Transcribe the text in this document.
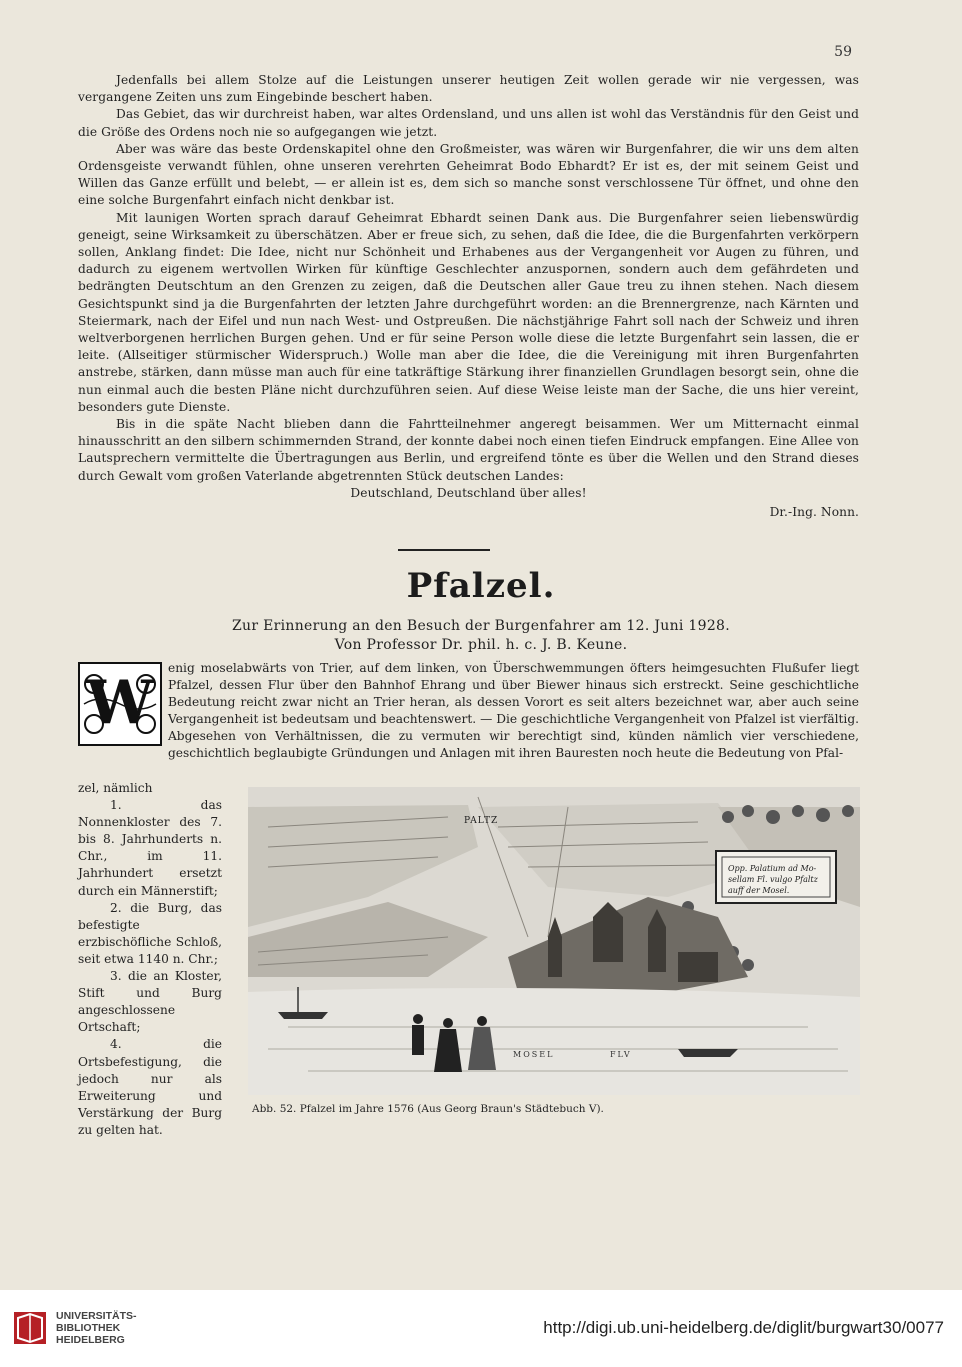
59

Jedenfalls bei allem Stolze auf die Leistungen unserer heutigen Zeit wollen gerade wir nie vergessen, was vergangene Zeiten uns zum Eingebinde beschert haben.

Das Gebiet, das wir durchreist haben, war altes Ordensland, und uns allen ist wohl das Verständnis für den Geist und die Größe des Ordens noch nie so aufgegangen wie jetzt.

Aber was wäre das beste Ordenskapitel ohne den Großmeister, was wären wir Burgenfahrer, die wir uns dem alten Ordensgeiste verwandt fühlen, ohne unseren verehrten Geheimrat Bodo Ebhardt? Er ist es, der mit seinem Geist und Willen das Ganze erfüllt und belebt, — er allein ist es, dem sich so manche sonst verschlossene Tür öffnet, und ohne den eine solche Burgenfahrt einfach nicht denkbar ist.

Mit launigen Worten sprach darauf Geheimrat Ebhardt seinen Dank aus. Die Burgenfahrer seien liebenswürdig geneigt, seine Wirksamkeit zu überschätzen. Aber er freue sich, zu sehen, daß die Idee, die die Burgenfahrten verkörpern sollen, Anklang findet: Die Idee, nicht nur Schönheit und Erhabenes aus der Vergangenheit vor Augen zu führen, und dadurch zu eigenem wertvollen Wirken für künftige Geschlechter anzuspornen, sondern auch dem gefährdeten und bedrängten Deutschtum an den Grenzen zu zeigen, daß die Deutschen aller Gaue treu zu ihnen stehen. Nach diesem Gesichtspunkt sind ja die Burgenfahrten der letzten Jahre durchgeführt worden: an die Brennergrenze, nach Kärnten und Steiermark, nach der Eifel und nun nach West- und Ostpreußen. Die nächstjährige Fahrt soll nach der Schweiz und ihren weltverborgenen herrlichen Burgen gehen. Und er für seine Person wolle diese die letzte Burgenfahrt sein lassen, die er leite. (Allseitiger stürmischer Widerspruch.) Wolle man aber die Idee, die die Vereinigung mit ihren Burgenfahrten anstrebe, stärken, dann müsse man auch für eine tatkräftige Stärkung ihrer finanziellen Grundlagen besorgt sein, ohne die nun einmal auch die besten Pläne nicht durchzuführen seien. Auf diese Weise leiste man der Sache, die uns hier vereint, besonders gute Dienste.

Bis in die späte Nacht blieben dann die Fahrtteilnehmer angeregt beisammen. Wer um Mitternacht einmal hinausschritt an den silbern schimmernden Strand, der konnte dabei noch einen tiefen Eindruck empfangen. Eine Allee von Lautsprechern vermittelte die Übertragungen aus Berlin, und ergreifend tönte es über die Wellen und den Strand dieses durch Gewalt vom großen Vaterlande abgetrennten Stück deutschen Landes:

Deutschland, Deutschland über alles!

Dr.-Ing. Nonn.

Pfalzel.
Zur Erinnerung an den Besuch der Burgenfahrer am 12. Juni 1928.
Von Professor Dr. phil. h. c. J. B. Keune.
W
enig moselabwärts von Trier, auf dem linken, von Überschwemmungen öfters heimgesuchten Flußufer liegt Pfalzel, dessen Flur über den Bahnhof Ehrang und über Biewer hinaus sich erstreckt. Seine geschichtliche Bedeutung reicht zwar nicht an Trier heran, als dessen Vorort es seit alters bezeichnet war, aber auch seine Vergangenheit ist bedeutsam und beachtenswert. — Die geschichtliche Vergangenheit von Pfalzel ist vierfältig. Abgesehen von Verhältnissen, die zu vermuten wir berechtigt sind, künden nämlich vier verschiedene, geschichtlich beglaubigte Gründungen und Anlagen mit ihren Bauresten noch heute die Bedeutung von Pfal-

zel, nämlich

1. das Nonnenkloster des 7. bis 8. Jahrhunderts n. Chr., im 11. Jahrhundert ersetzt durch ein Männerstift;

2. die Burg, das befestigte erzbischöfliche Schloß, seit etwa 1140 n. Chr.;

3. die an Kloster, Stift und Burg angeschlossene Ortschaft;

4. die Ortsbefestigung, die jedoch nur als Erweiterung und Verstärkung der Burg zu gelten hat.

Opp. Palatium ad Mo-
sellam Fl. vulgo Pfaltz
auff der Mosel.
PALTZ
MOSEL	FLV
Abb. 52. Pfalzel im Jahre 1576 (Aus Georg Braun's Städtebuch V).
UNIVERSITÄTS-
BIBLIOTHEK
HEIDELBERG
http://digi.ub.uni-heidelberg.de/diglit/burgwart30/0077
